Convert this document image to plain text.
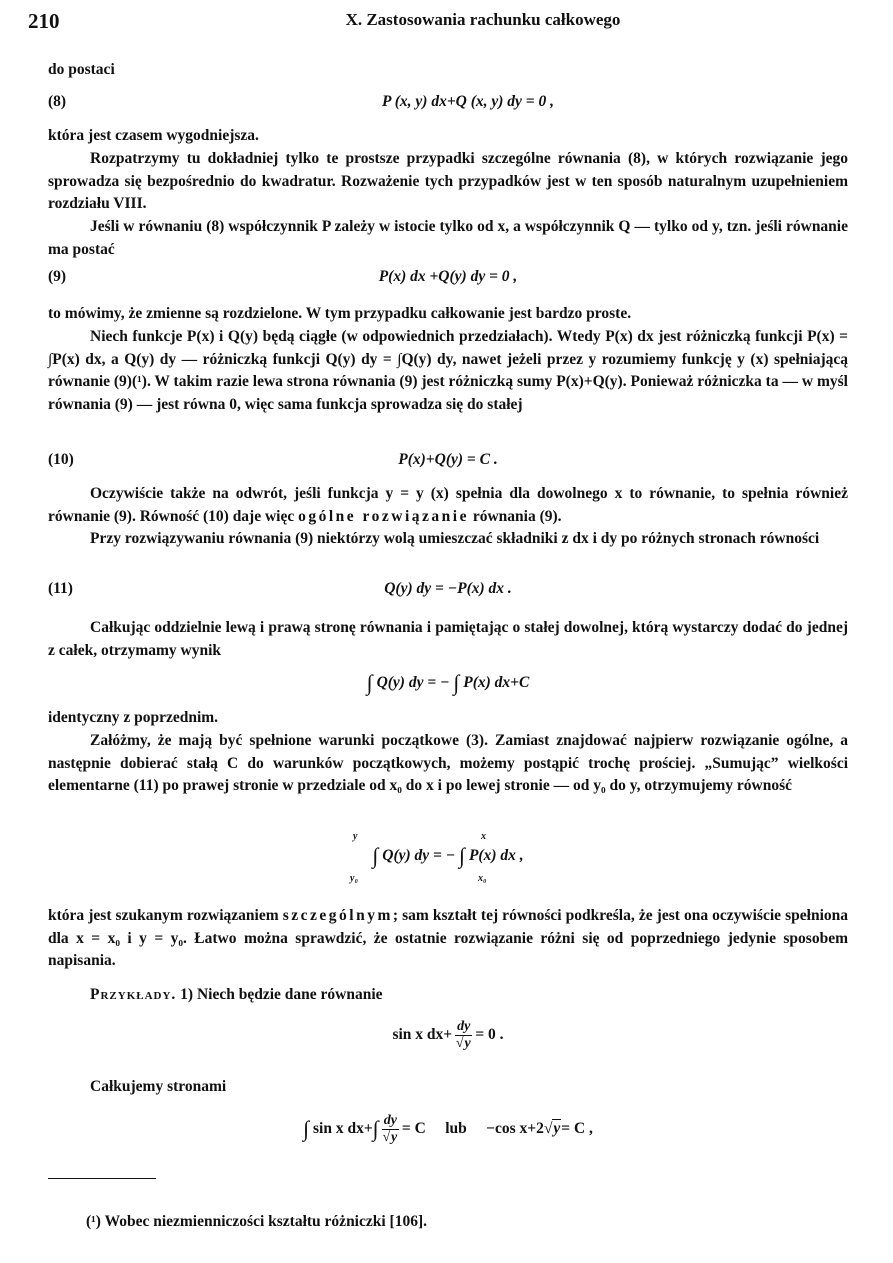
210	X. Zastosowania rachunku całkowego

do postaci

(8)	P (x, y) dx+Q (x, y) dy = 0 ,

która jest czasem wygodniejsza.

Rozpatrzymy tu dokładniej tylko te prostsze przypadki szczególne równania (8), w których rozwiązanie jego sprowadza się bezpośrednio do kwadratur. Rozważenie tych przypadków jest w ten sposób naturalnym uzupełnieniem rozdziału VIII.

Jeśli w równaniu (8) współczynnik P zależy w istocie tylko od x, a współczynnik Q — tylko od y, tzn. jeśli równanie ma postać

(9)	P(x) dx +Q(y) dy = 0 ,

to mówimy, że zmienne są rozdzielone. W tym przypadku całkowanie jest bardzo proste.

Niech funkcje P(x) i Q(y) będą ciągłe (w odpowiednich przedziałach). Wtedy P(x) dx jest różniczką funkcji P(x) = ∫P(x) dx, a Q(y) dy — różniczką funkcji Q(y) dy = ∫Q(y) dy, nawet jeżeli przez y rozumiemy funkcję y (x) spełniającą równanie (9)(¹). W takim razie lewa strona równania (9) jest różniczką sumy P(x)+Q(y). Ponieważ różniczka ta — w myśl równania (9) — jest równa 0, więc sama funkcja sprowadza się do stałej

(10)	P(x)+Q(y) = C .

Oczywiście także na odwrót, jeśli funkcja y = y (x) spełnia dla dowolnego x to równanie, to spełnia również równanie (9). Równość (10) daje więc ogólne rozwiązanie równania (9).

Przy rozwiązywaniu równania (9) niektórzy wolą umieszczać składniki z dx i dy po różnych stronach równości

(11)	Q(y) dy = −P(x) dx .

Całkując oddzielnie lewą i prawą stronę równania i pamiętając o stałej dowolnej, którą wystarczy dodać do jednej z całek, otrzymamy wynik

∫ Q(y) dy = − ∫ P(x) dx+C

identyczny z poprzednim.

Załóżmy, że mają być spełnione warunki początkowe (3). Zamiast znajdować najpierw rozwiązanie ogólne, a następnie dobierać stałą C do warunków początkowych, możemy postąpić trochę prościej. „Sumując” wielkości elementarne (11) po prawej stronie w przedziale od x₀ do x i po lewej stronie — od y₀ do y, otrzymujemy równość

∫ Q(y) dy = − ∫ P(x) dx ,
y
y₀
x
x₀

która jest szukanym rozwiązaniem szczególnym; sam kształt tej równości podkreśla, że jest ona oczywiście spełniona dla x = x₀ i y = y₀. Łatwo można sprawdzić, że ostatnie rozwiązanie różni się od poprzedniego jedynie sposobem napisania.

Przykłady. 1) Niech będzie dane równanie

sin x $dx+ \frac{dy}{√y} = 0$ .

Całkujemy stronami

∫ sin x $dx+\int \frac{dy}{√y} = C$ lub −cos x+2√y= C ,

(¹) Wobec niezmienniczości kształtu różniczki [106].
